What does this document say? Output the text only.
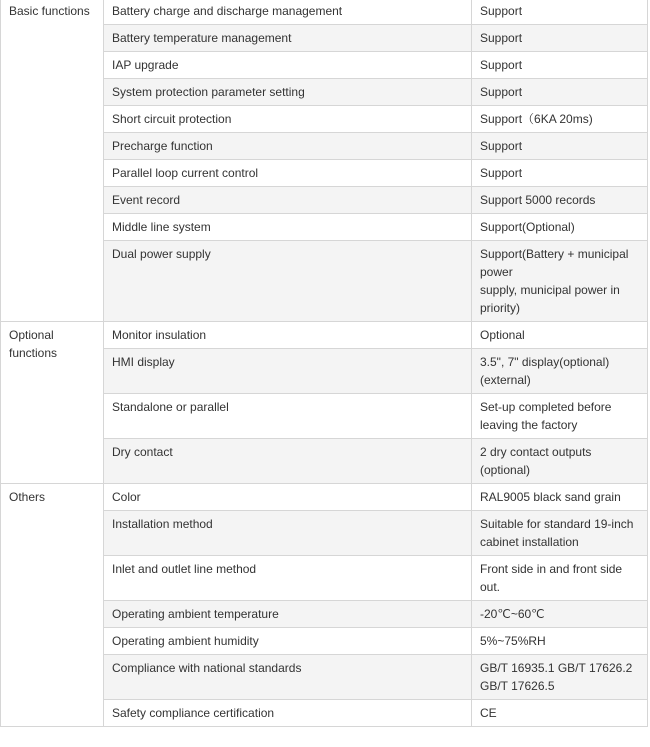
Basic functions	Battery charge and discharge management	Support
	Battery temperature management	Support
	IAP upgrade	Support
	System protection parameter setting	Support
	Short circuit protection	Support（6KA 20ms)
	Precharge function	Support
	Parallel loop current control	Support
	Event record	Support 5000 records
	Middle line system	Support(Optional)
	Dual power supply	Support(Battery + municipal
power
supply, municipal power in
priority)
Optional
functions	Monitor insulation	Optional
	HMI display	3.5", 7" display(optional)
(external)
	Standalone or parallel	Set-up completed before
leaving the factory
	Dry contact	2 dry contact outputs
(optional)
Others	Color	RAL9005 black sand grain
	Installation method	Suitable for standard 19-inch
cabinet installation
	Inlet and outlet line method	Front side in and front side
out.
	Operating ambient temperature	-20℃~60℃
	Operating ambient humidity	5%~75%RH
	Compliance with national standards	GB/T 16935.1 GB/T 17626.2
GB/T 17626.5
	Safety compliance certification	CE
